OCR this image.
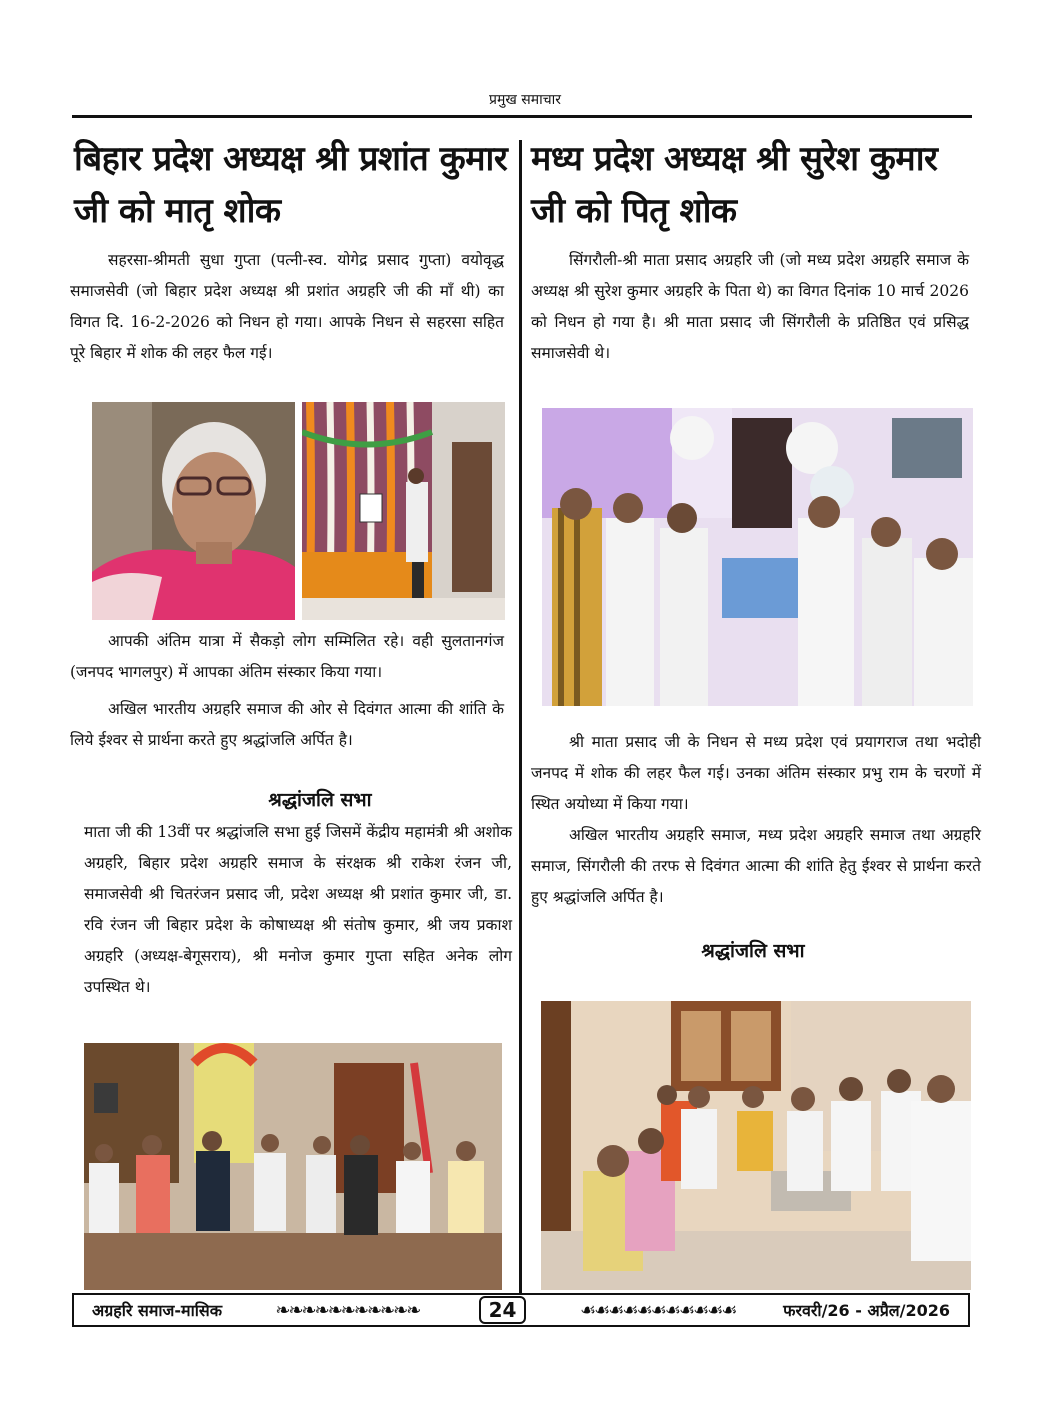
प्रमुख समाचार
बिहार प्रदेश अध्यक्ष श्री प्रशांत कुमार जी को मातृ शोक

सहरसा-श्रीमती सुधा गुप्ता (पत्नी-स्व. योगेद्र प्रसाद गुप्ता) वयोवृद्ध समाजसेवी (जो बिहार प्रदेश अध्यक्ष श्री प्रशांत अग्रहरि जी की माँ थी) का विगत दि. 16-2-2026 को निधन हो गया। आपके निधन से सहरसा सहित पूरे बिहार में शोक की लहर फैल गई।

आपकी अंतिम यात्रा में सैकड़ो लोग सम्मिलित रहे। वही सुलतानगंज (जनपद भागलपुर) में आपका अंतिम संस्कार किया गया।

अखिल भारतीय अग्रहरि समाज की ओर से दिवंगत आत्मा की शांति के लिये ईश्वर से प्रार्थना करते हुए श्रद्धांजलि अर्पित है।

श्रद्धांजलि सभा

माता जी की 13वीं पर श्रद्धांजलि सभा हुई जिसमें केंद्रीय महामंत्री श्री अशोक अग्रहरि, बिहार प्रदेश अग्रहरि समाज के संरक्षक श्री राकेश रंजन जी, समाजसेवी श्री चितरंजन प्रसाद जी, प्रदेश अध्यक्ष श्री प्रशांत कुमार जी, डा. रवि रंजन जी बिहार प्रदेश के कोषाध्यक्ष श्री संतोष कुमार, श्री जय प्रकाश अग्रहरि (अध्यक्ष-बेगूसराय), श्री मनोज कुमार गुप्ता सहित अनेक लोग उपस्थित थे।

मध्य प्रदेश अध्यक्ष श्री सुरेश कुमार जी को पितृ शोक

सिंगरौली-श्री माता प्रसाद अग्रहरि जी (जो मध्य प्रदेश अग्रहरि समाज के अध्यक्ष श्री सुरेश कुमार अग्रहरि के पिता थे) का विगत दिनांक 10 मार्च 2026 को निधन हो गया है। श्री माता प्रसाद जी सिंगरौली के प्रतिष्ठित एवं प्रसिद्ध समाजसेवी थे।

श्री माता प्रसाद जी के निधन से मध्य प्रदेश एवं प्रयागराज तथा भदोही जनपद में शोक की लहर फैल गई। उनका अंतिम संस्कार प्रभु राम के चरणों में स्थित अयोध्या में किया गया।

अखिल भारतीय अग्रहरि समाज, मध्य प्रदेश अग्रहरि समाज तथा अग्रहरि समाज, सिंगरौली की तरफ से दिवंगत आत्मा की शांति हेतु ईश्वर से प्रार्थना करते हुए श्रद्धांजलि अर्पित है।

श्रद्धांजलि सभा
अग्रहरि समाज-मासिक	❧❧❧❧❧❧❧❧❧❧❧	24	☙☙☙☙☙☙☙☙☙☙☙	फरवरी/26 - अप्रैल/2026
